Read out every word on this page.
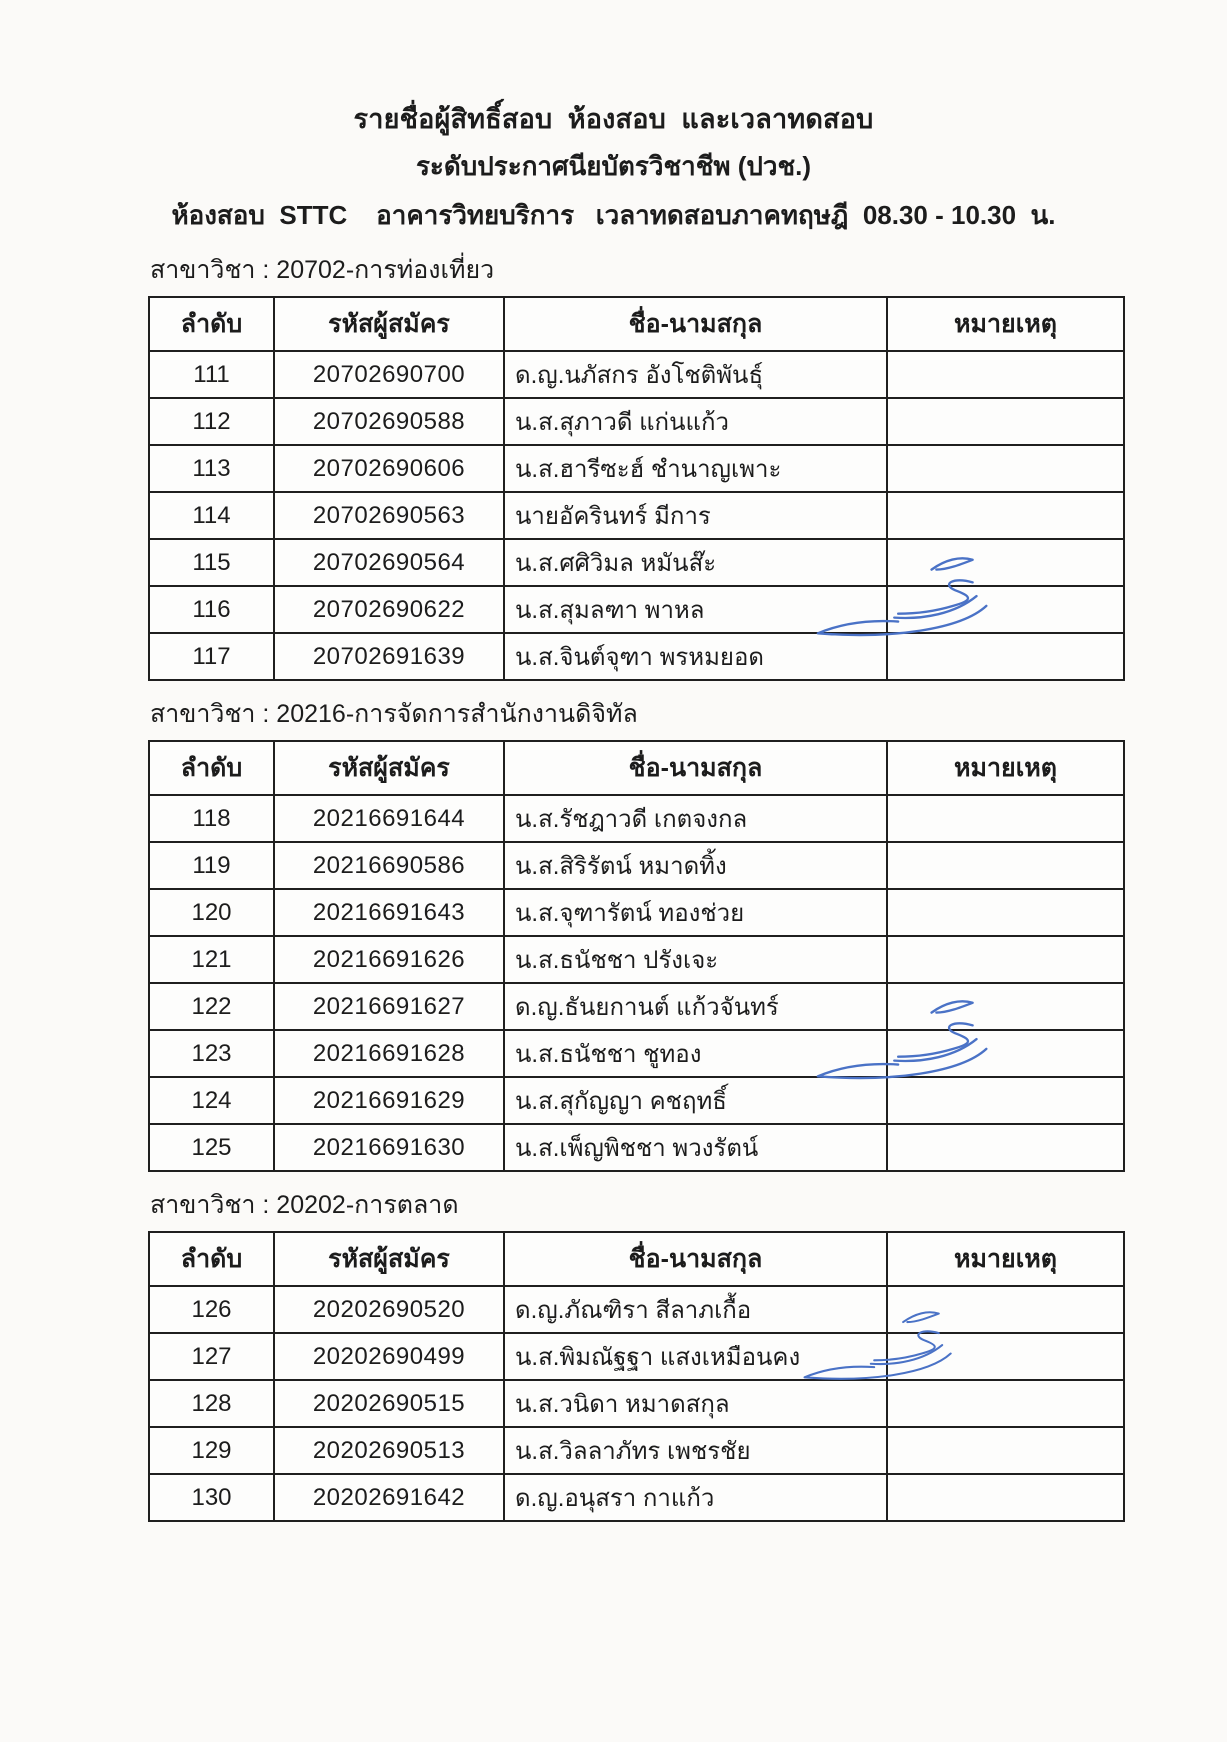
รายชื่อผู้สิทธิ์สอบ  ห้องสอบ  และเวลาทดสอบ
ระดับประกาศนียบัตรวิชาชีพ (ปวช.)
ห้องสอบ  STTC    อาคารวิทยบริการ   เวลาทดสอบภาคทฤษฎี  08.30 - 10.30  น.
สาขาวิชา : 20702-การท่องเที่ยว
ลำดับ	รหัสผู้สมัคร	ชื่อ-นามสกุล	หมายเหตุ
111	20702690700	ด.ญ.นภัสกร อังโชติพันธุ์	
112	20702690588	น.ส.สุภาวดี แก่นแก้ว	
113	20702690606	น.ส.ฮารีซะฮ์ ชำนาญเพาะ	
114	20702690563	นายอัครินทร์ มีการ	
115	20702690564	น.ส.ศศิวิมล หมันส๊ะ	
116	20702690622	น.ส.สุมลฑา พาหล	
117	20702691639	น.ส.จินต์จุฑา พรหมยอด	
สาขาวิชา : 20216-การจัดการสำนักงานดิจิทัล
ลำดับ	รหัสผู้สมัคร	ชื่อ-นามสกุล	หมายเหตุ
118	20216691644	น.ส.รัชฎาวดี เกตจงกล	
119	20216690586	น.ส.สิริรัตน์ หมาดทิ้ง	
120	20216691643	น.ส.จุฑารัตน์ ทองช่วย	
121	20216691626	น.ส.ธนัชชา ปรังเจะ	
122	20216691627	ด.ญ.ธันยกานต์ แก้วจันทร์	
123	20216691628	น.ส.ธนัชชา ชูทอง	
124	20216691629	น.ส.สุกัญญา คชฤทธิ์	
125	20216691630	น.ส.เพ็ญพิชชา พวงรัตน์	
สาขาวิชา : 20202-การตลาด
ลำดับ	รหัสผู้สมัคร	ชื่อ-นามสกุล	หมายเหตุ
126	20202690520	ด.ญ.ภัณฑิรา สีลาภเกื้อ	
127	20202690499	น.ส.พิมณัฐฐา แสงเหมือนคง	
128	20202690515	น.ส.วนิดา หมาดสกุล	
129	20202690513	น.ส.วิลลาภัทร เพชรชัย	
130	20202691642	ด.ญ.อนุสรา กาแก้ว	
